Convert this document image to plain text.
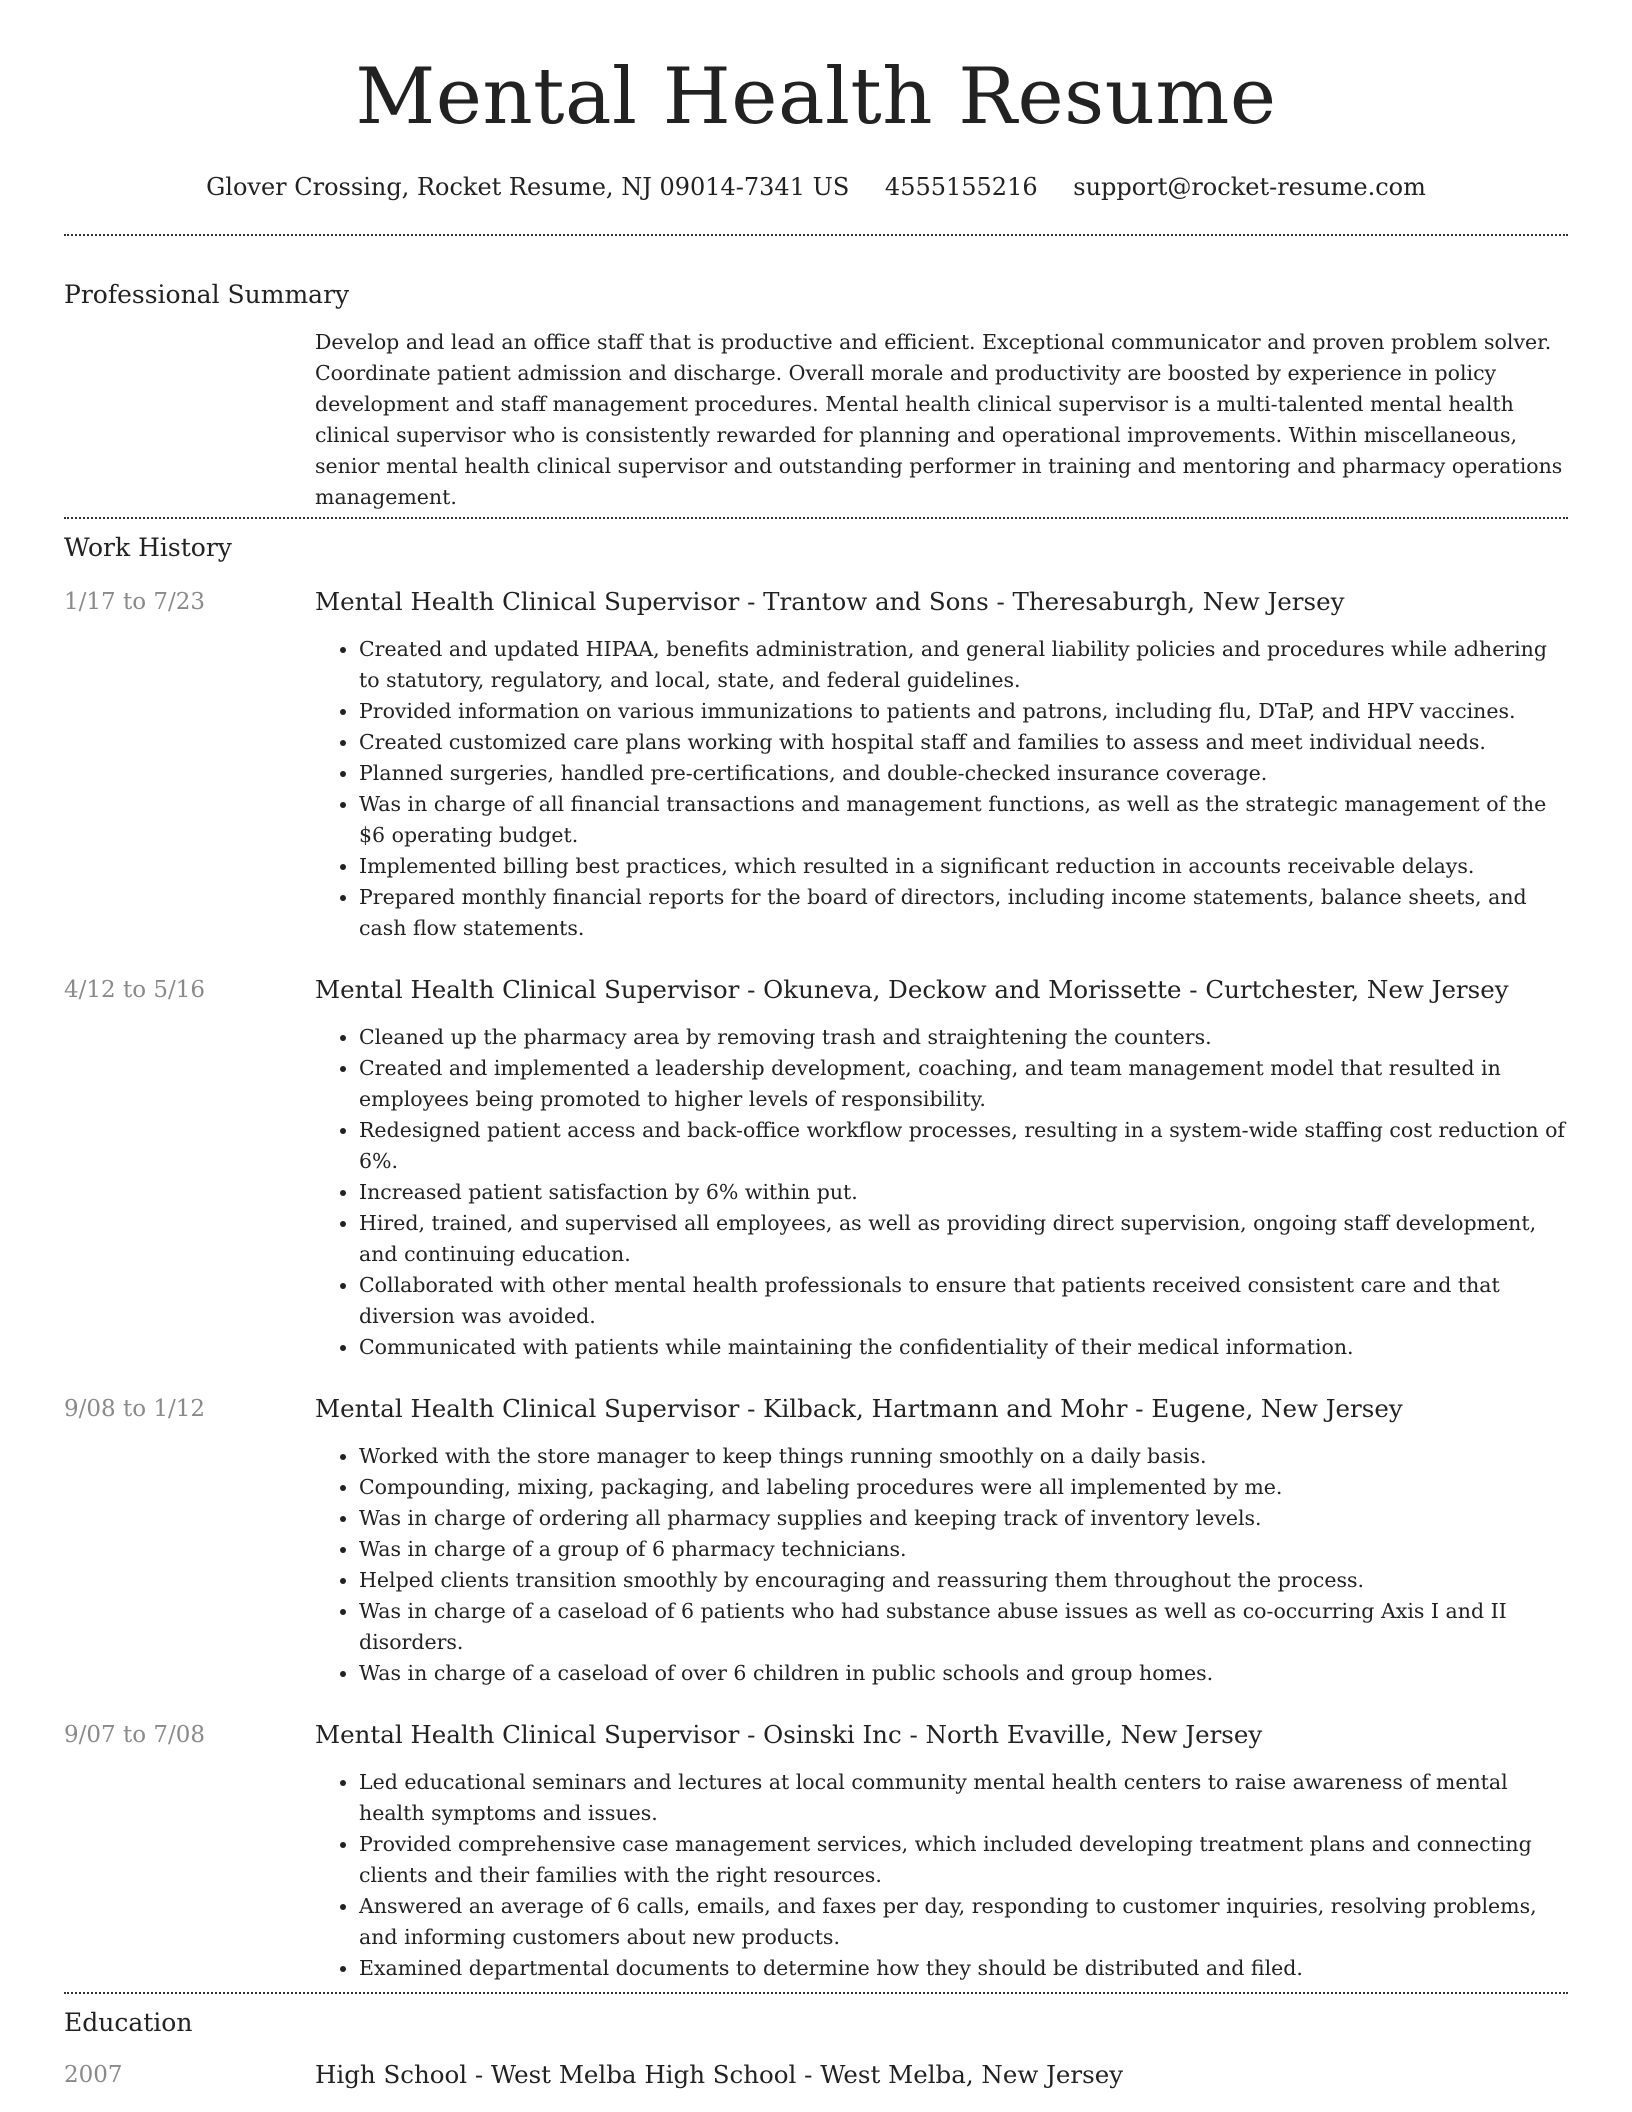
Mental Health Resume
Glover Crossing, Rocket Resume, NJ 09014-7341 US 4555155216 support@rocket-resume.com
Professional Summary
Develop and lead an office staff that is productive and efficient. Exceptional communicator and proven problem solver. Coordinate patient admission and discharge. Overall morale and productivity are boosted by experience in policy development and staff management procedures. Mental health clinical supervisor is a multi-talented mental health clinical supervisor who is consistently rewarded for planning and operational improvements. Within miscellaneous, senior mental health clinical supervisor and outstanding performer in training and mentoring and pharmacy operations management.
Work History
1/17 to 7/23	Mental Health Clinical Supervisor - Trantow and Sons - Theresaburgh, New Jersey
• Created and updated HIPAA, benefits administration, and general liability policies and procedures while adhering to statutory, regulatory, and local, state, and federal guidelines.
• Provided information on various immunizations to patients and patrons, including flu, DTaP, and HPV vaccines.
• Created customized care plans working with hospital staff and families to assess and meet individual needs.
• Planned surgeries, handled pre-certifications, and double-checked insurance coverage.
• Was in charge of all financial transactions and management functions, as well as the strategic management of the $6 operating budget.
• Implemented billing best practices, which resulted in a significant reduction in accounts receivable delays.
• Prepared monthly financial reports for the board of directors, including income statements, balance sheets, and cash flow statements.
4/12 to 5/16	Mental Health Clinical Supervisor - Okuneva, Deckow and Morissette - Curtchester, New Jersey
• Cleaned up the pharmacy area by removing trash and straightening the counters.
• Created and implemented a leadership development, coaching, and team management model that resulted in employees being promoted to higher levels of responsibility.
• Redesigned patient access and back-office workflow processes, resulting in a system-wide staffing cost reduction of 6%.
• Increased patient satisfaction by 6% within put.
• Hired, trained, and supervised all employees, as well as providing direct supervision, ongoing staff development, and continuing education.
• Collaborated with other mental health professionals to ensure that patients received consistent care and that diversion was avoided.
• Communicated with patients while maintaining the confidentiality of their medical information.
9/08 to 1/12	Mental Health Clinical Supervisor - Kilback, Hartmann and Mohr - Eugene, New Jersey
• Worked with the store manager to keep things running smoothly on a daily basis.
• Compounding, mixing, packaging, and labeling procedures were all implemented by me.
• Was in charge of ordering all pharmacy supplies and keeping track of inventory levels.
• Was in charge of a group of 6 pharmacy technicians.
• Helped clients transition smoothly by encouraging and reassuring them throughout the process.
• Was in charge of a caseload of 6 patients who had substance abuse issues as well as co-occurring Axis I and II disorders.
• Was in charge of a caseload of over 6 children in public schools and group homes.
9/07 to 7/08	Mental Health Clinical Supervisor - Osinski Inc - North Evaville, New Jersey
• Led educational seminars and lectures at local community mental health centers to raise awareness of mental health symptoms and issues.
• Provided comprehensive case management services, which included developing treatment plans and connecting clients and their families with the right resources.
• Answered an average of 6 calls, emails, and faxes per day, responding to customer inquiries, resolving problems, and informing customers about new products.
• Examined departmental documents to determine how they should be distributed and filed.
Education
2007	High School - West Melba High School - West Melba, New Jersey
